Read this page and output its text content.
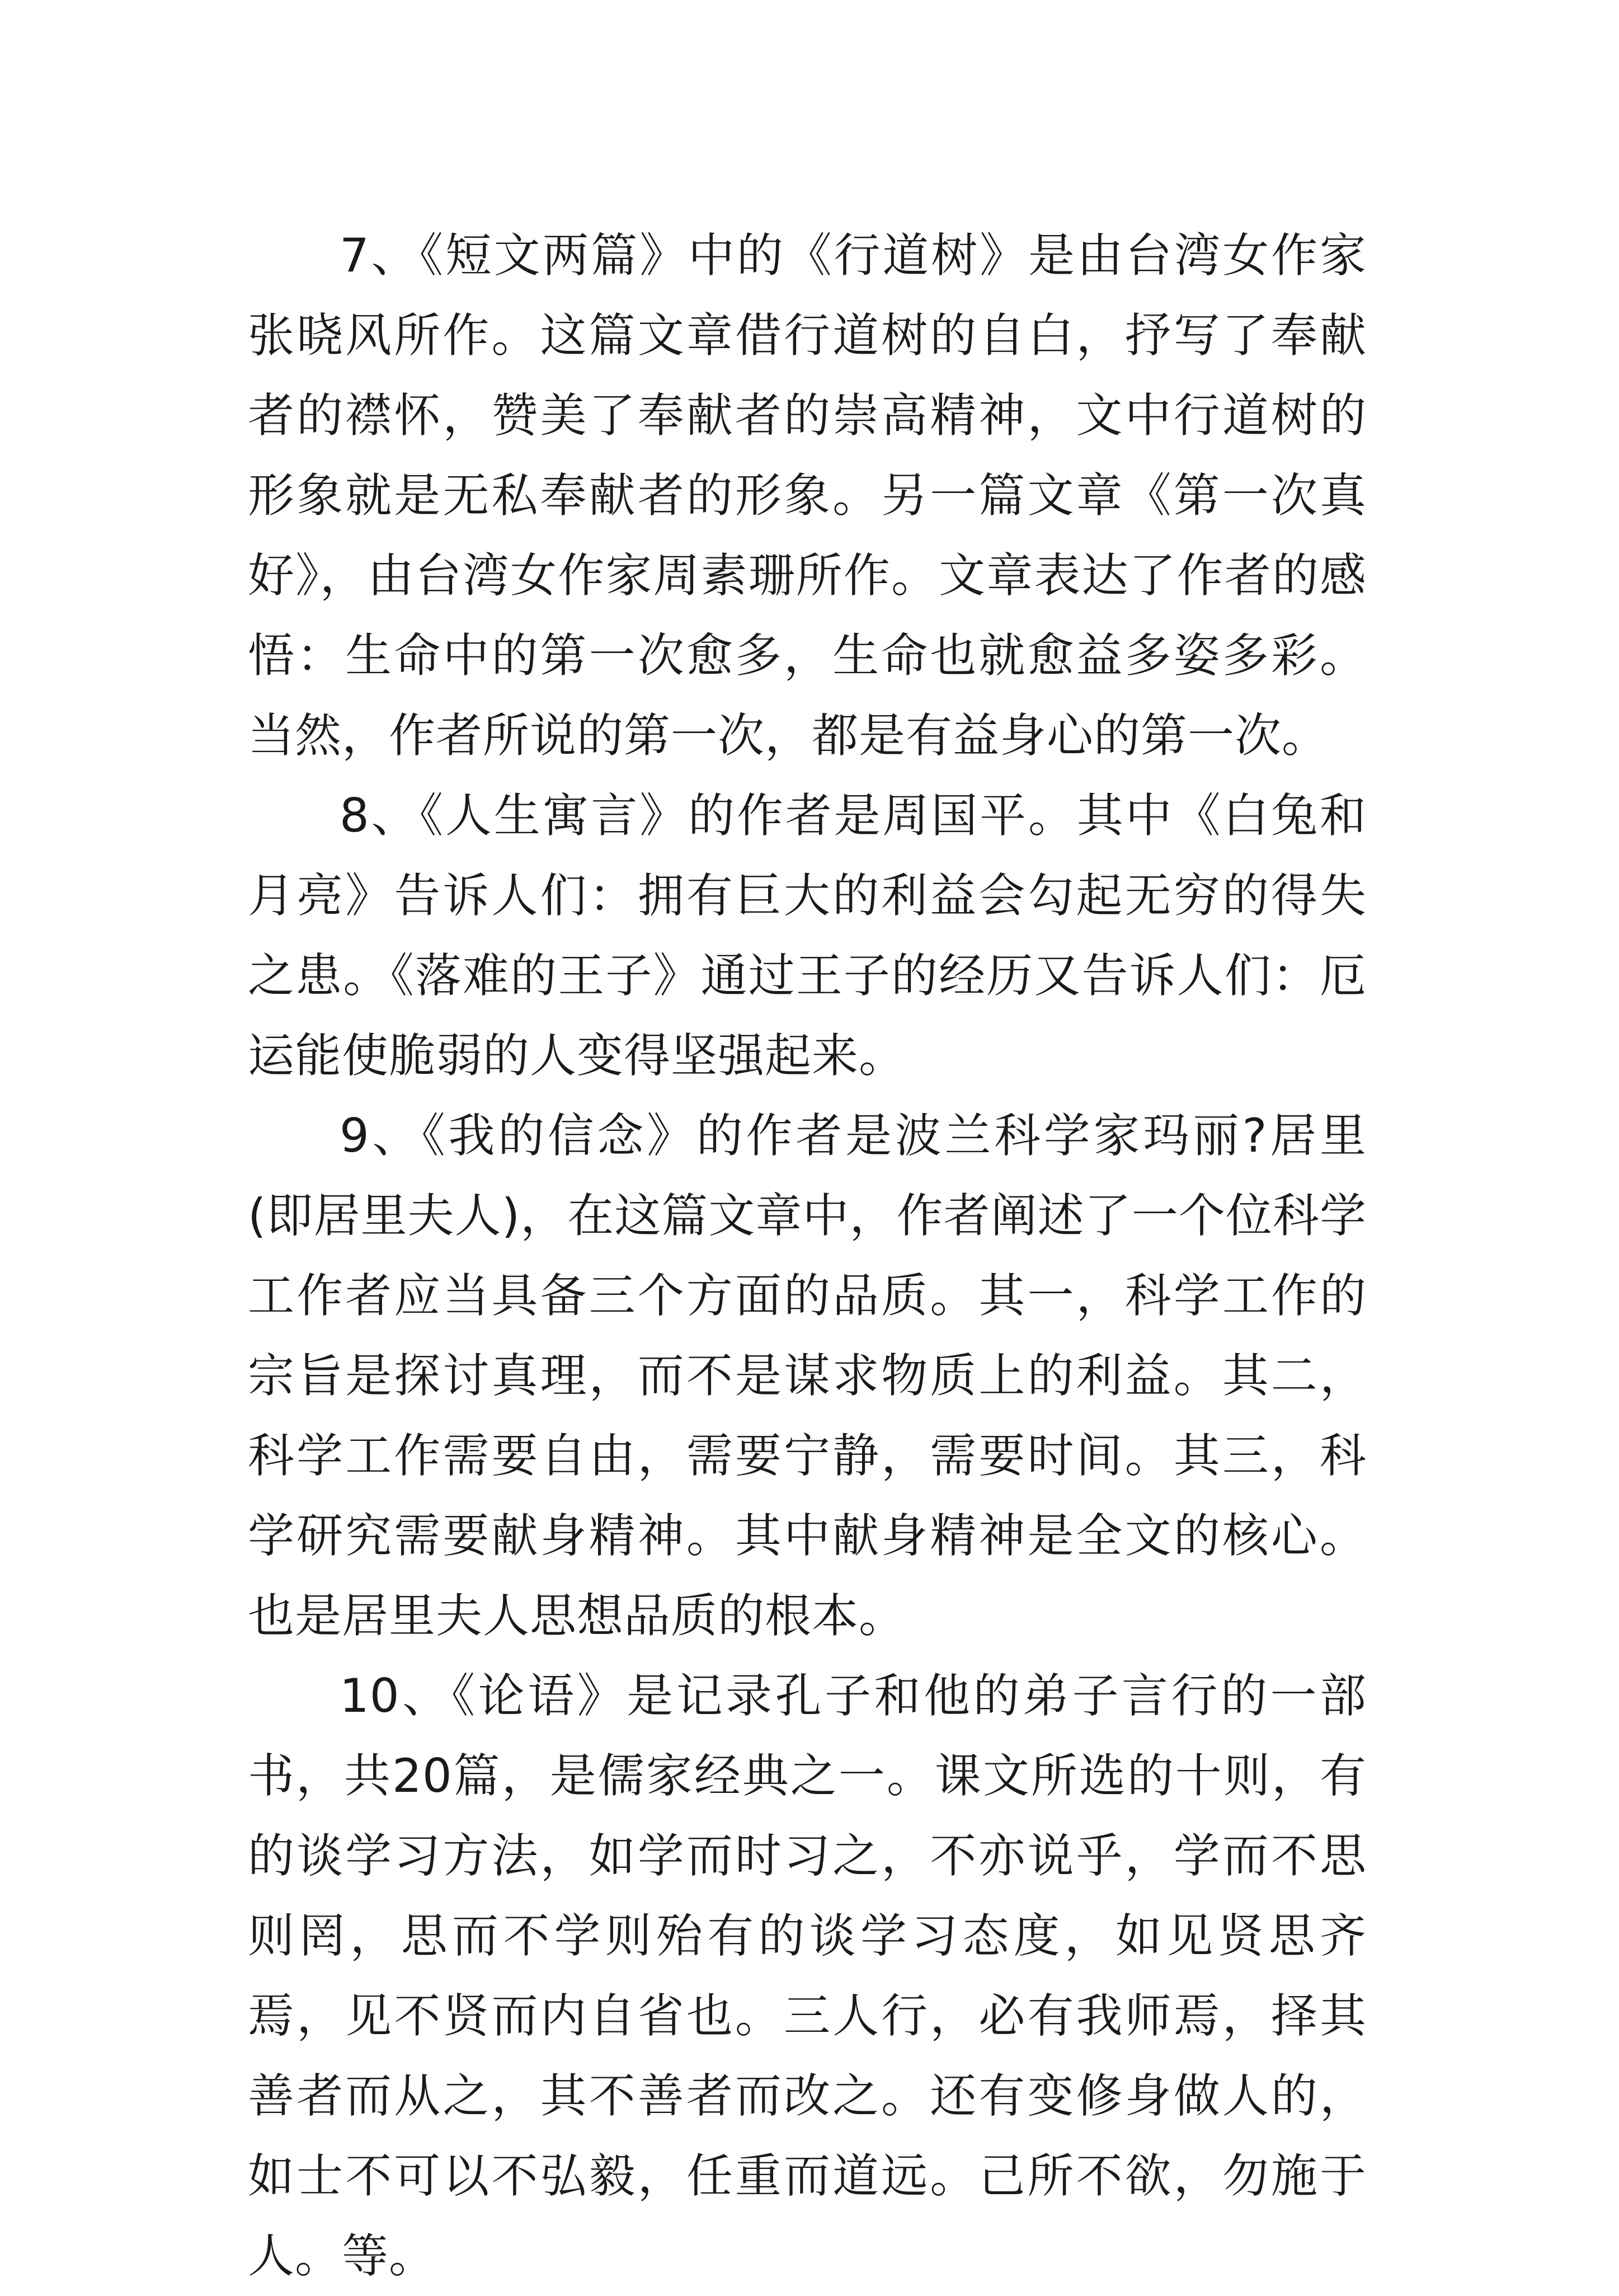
7、《短文两篇》中的《行道树》是由台湾女作家张晓风所作。这篇文章借行道树的自白，抒写了奉献者的襟怀，赞美了奉献者的崇高精神，文中行道树的形象就是无私奉献者的形象。另一篇文章《第一次真好》，由台湾女作家周素珊所作。文章表达了作者的感悟：生命中的第一次愈多，生命也就愈益多姿多彩。当然，作者所说的第一次，都是有益身心的第一次。

8、《人生寓言》的作者是周国平。其中《白兔和月亮》告诉人们：拥有巨大的利益会勾起无穷的得失之患。《落难的王子》通过王子的经历又告诉人们：厄运能使脆弱的人变得坚强起来。

9、《我的信念》的作者是波兰科学家玛丽?居里(即居里夫人)，在这篇文章中，作者阐述了一个位科学工作者应当具备三个方面的品质。其一，科学工作的宗旨是探讨真理，而不是谋求物质上的利益。其二，科学工作需要自由，需要宁静，需要时间。其三，科学研究需要献身精神。其中献身精神是全文的核心。也是居里夫人思想品质的根本。

10、《论语》是记录孔子和他的弟子言行的一部书，共20篇，是儒家经典之一。课文所选的十则，有的谈学习方法，如学而时习之，不亦说乎，学而不思则罔，思而不学则殆有的谈学习态度，如见贤思齐焉，见不贤而内自省也。三人行，必有我师焉，择其善者而从之，其不善者而改之。还有变修身做人的，如士不可以不弘毅，任重而道远。己所不欲，勿施于人。等。
